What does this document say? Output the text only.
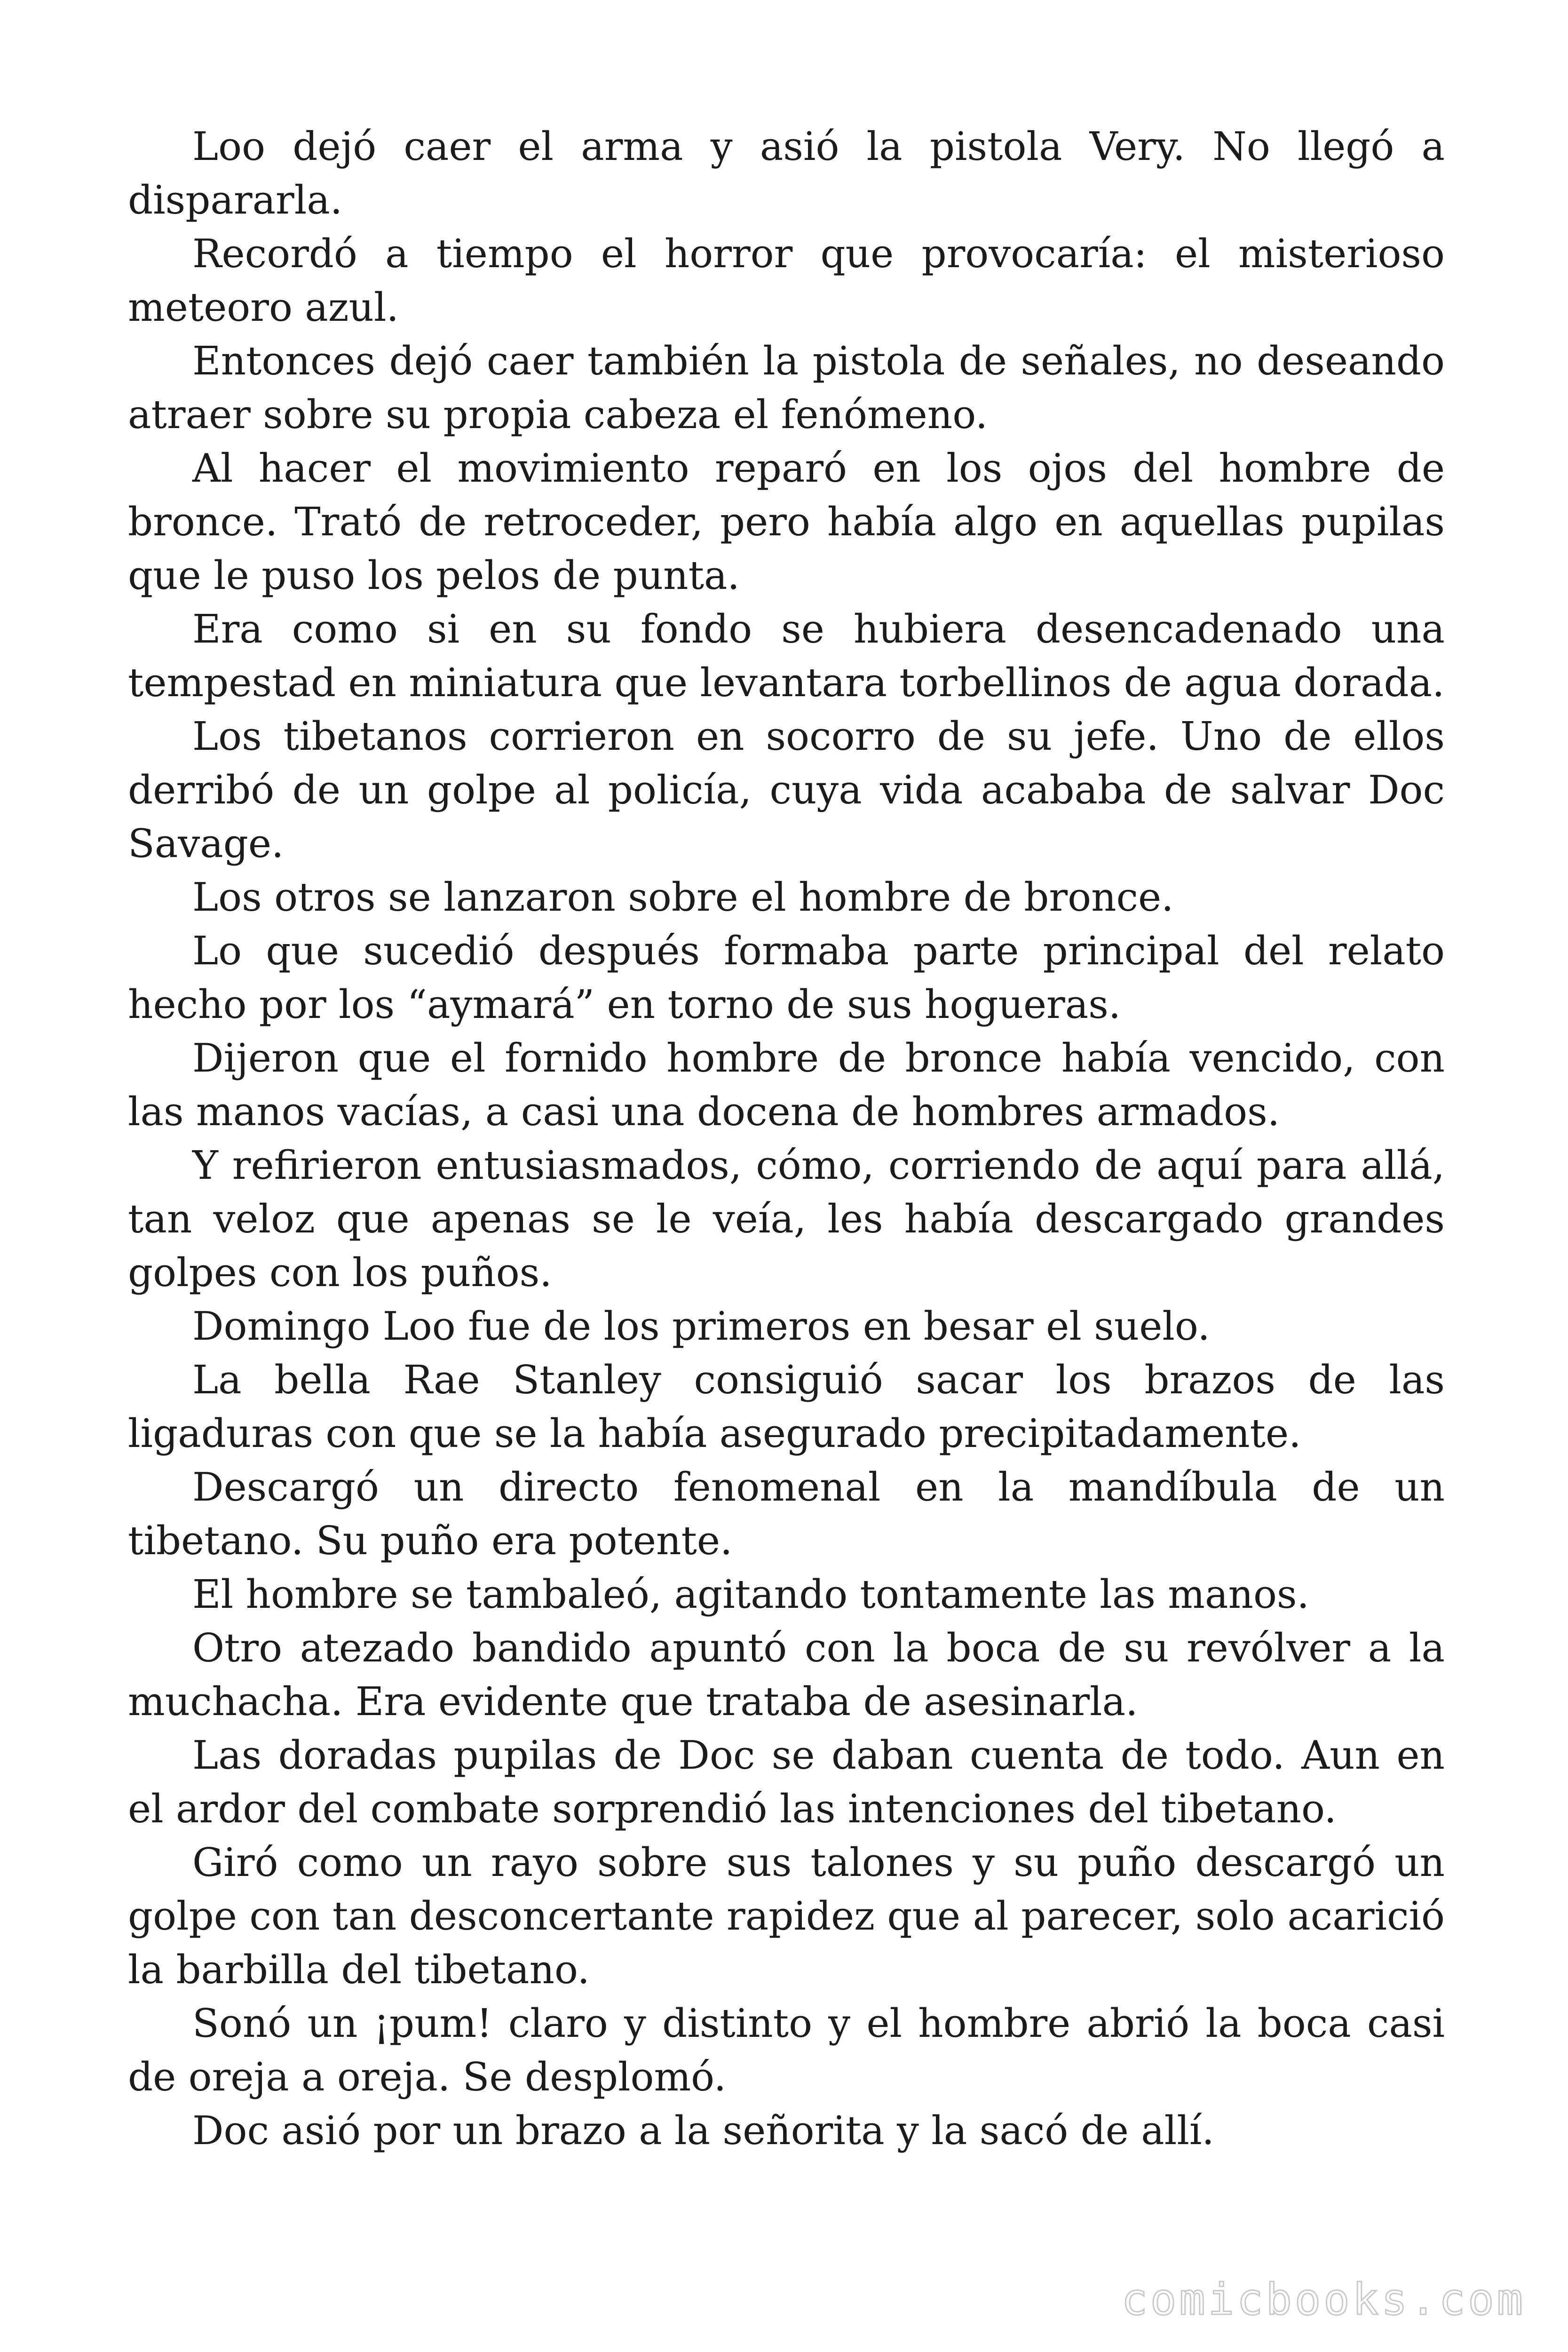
Loo dejó caer el arma y asió la pistola Very. No llegó a dispararla.

Recordó a tiempo el horror que provocaría: el misterioso meteoro azul.

Entonces dejó caer también la pistola de señales, no deseando atraer sobre su propia cabeza el fenómeno.

Al hacer el movimiento reparó en los ojos del hombre de bronce. Trató de retroceder, pero había algo en aquellas pupilas que le puso los pelos de punta.

Era como si en su fondo se hubiera desencadenado una tempestad en miniatura que levantara torbellinos de agua dorada.

Los tibetanos corrieron en socorro de su jefe. Uno de ellos derribó de un golpe al policía, cuya vida acababa de salvar Doc Savage.

Los otros se lanzaron sobre el hombre de bronce.

Lo que sucedió después formaba parte principal del relato hecho por los “aymará” en torno de sus hogueras.

Dijeron que el fornido hombre de bronce había vencido, con las manos vacías, a casi una docena de hombres armados.

Y refirieron entusiasmados, cómo, corriendo de aquí para allá, tan veloz que apenas se le veía, les había descargado grandes golpes con los puños.

Domingo Loo fue de los primeros en besar el suelo.

La bella Rae Stanley consiguió sacar los brazos de las ligaduras con que se la había asegurado precipitadamente.

Descargó un directo fenomenal en la mandíbula de un tibetano. Su puño era potente.

El hombre se tambaleó, agitando tontamente las manos.

Otro atezado bandido apuntó con la boca de su revólver a la muchacha. Era evidente que trataba de asesinarla.

Las doradas pupilas de Doc se daban cuenta de todo. Aun en el ardor del combate sorprendió las intenciones del tibetano.

Giró como un rayo sobre sus talones y su puño descargó un golpe con tan desconcertante rapidez que al parecer, solo acarició la barbilla del tibetano.

Sonó un ¡pum! claro y distinto y el hombre abrió la boca casi de oreja a oreja. Se desplomó.

Doc asió por un brazo a la señorita y la sacó de allí.

comicbooks.com
